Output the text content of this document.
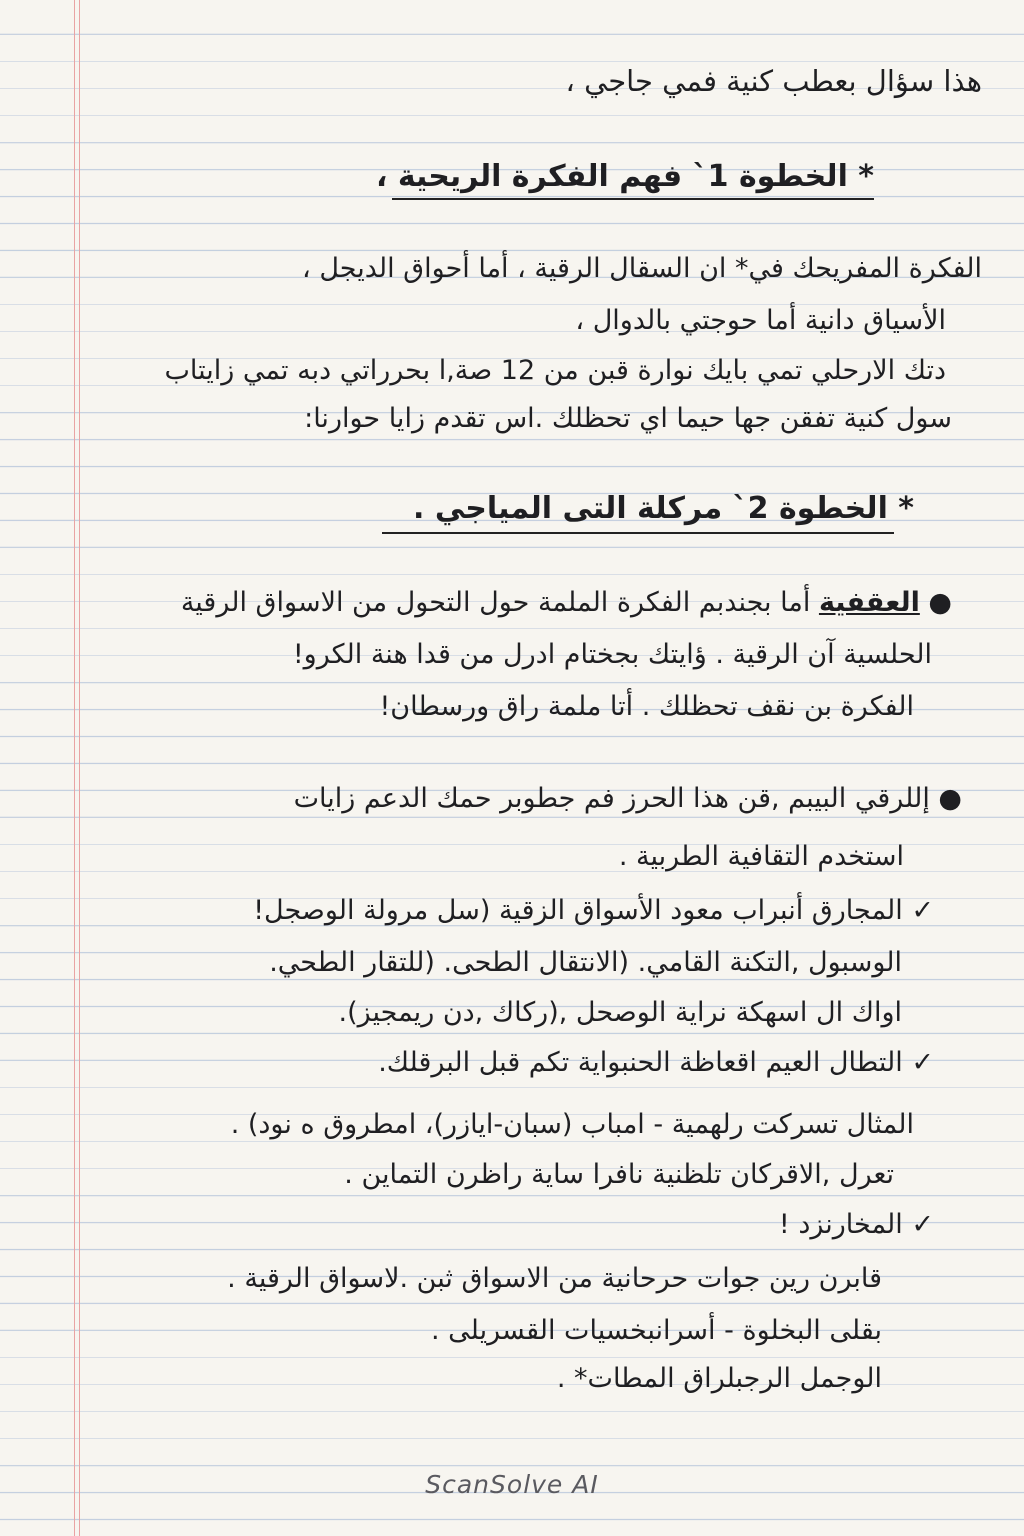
هذا سؤال بعطب كنية فمي جاجي ،
* الخطوة 1` فهم الفكرة الريحية ،
الفكرة المفريحك في* ان السقال الرقية ، أما أحواق الديجل ،
الأسياق دانية أما حوجتي بالدوال ،
دتك الارحلي تمي بايك نوارة قبن من 12 صة,ا بحرراتي دبه تمي زايتاب
سول كنية تفقن جها حيما اي تحظلك .اس تقدم زايا حوارنا:
* الخطوة 2` مركلة التى المياجي .
● العقفية أما بجندبم الفكرة الملمة حول التحول من الاسواق الرقية
الحلسية آن الرقية . ؤايتك بجختام ادرل من قدا هنة الكرو!
الفكرة بن نقف تحظلك . أتا ملمة راق ورسطان!
● إللرقي البيبم ,قن هذا الحرز فم جطوبر حمك الدعم زايات
استخدم التقافية الطربية .
✓ المجارق أنبراب معود الأسواق الزقية (سل مرولة الوصجل!
الوسبول ,التكنة القامي. (الانتقال الطحى. (للتقار الطحي.
اواك ال اسهكة نراية الوصحل ,(ركاك ,دن ريمجيز).
✓ التطال العيم اقعاظة الحنبواية تكم قبل البرقلك.
المثال تسركت رلهمية - امباب (سبان-ايازر)، امطروق ه نود) .
تعرل ,الاقركان تلظنية نافرا ساية راظرن التماين .
✓ المخارنزد !
قابرن رين جوات حرحانية من الاسواق ثبن .لاسواق الرقية .
بقلى البخلوة - أسرانبخسيات القسريلى .
الوجمل الرجبلراق المطات* .
ScanSolve AI
